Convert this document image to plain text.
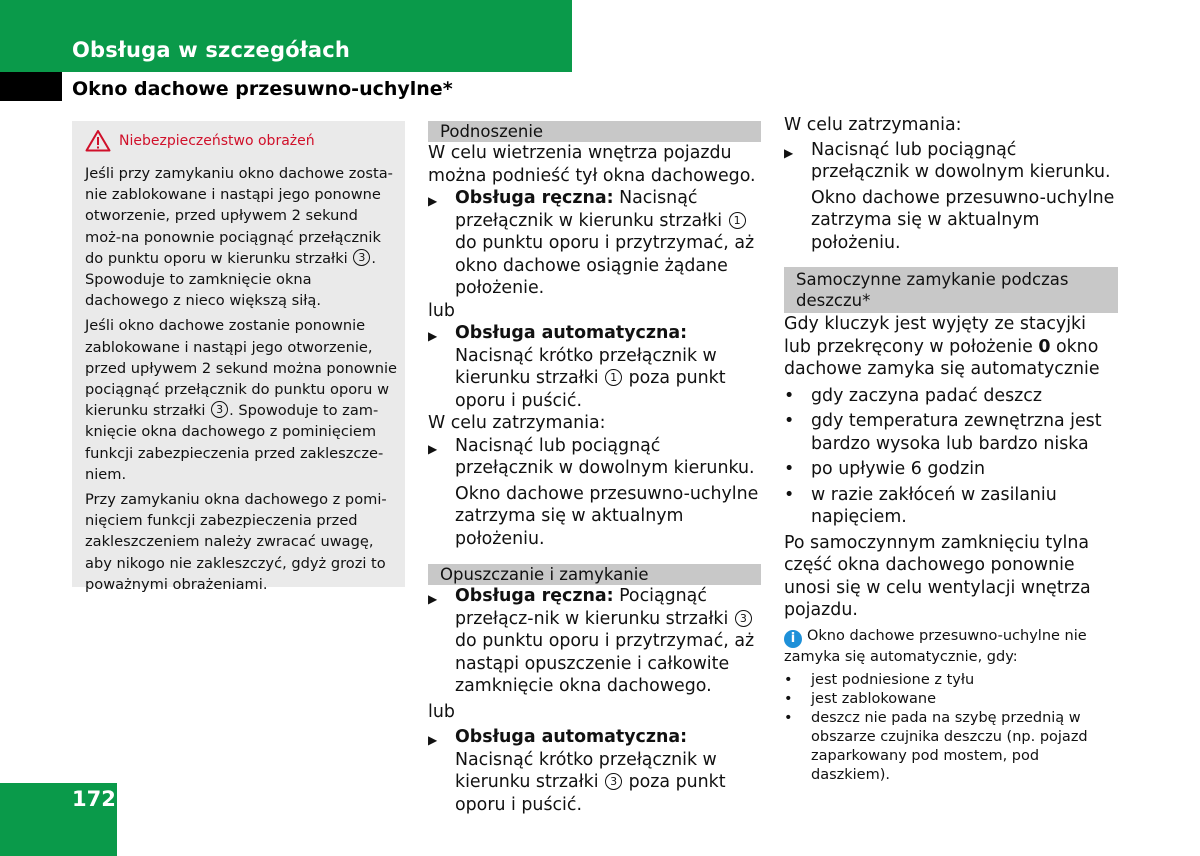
Obsługa w szczegółach
Okno dachowe przesuwno-uchylne*
Niebezpieczeństwo obrażeń

Jeśli przy zamykaniu okno dachowe zosta-nie zablokowane i nastąpi jego ponowne otworzenie, przed upływem 2 sekund moż-na ponownie pociągnąć przełącznik do punktu oporu w kierunku strzałki 3 . Spowoduje to zamknięcie okna dachowego z nieco większą siłą.

Jeśli okno dachowe zostanie ponownie zablokowane i nastąpi jego otworzenie, przed upływem 2 sekund można ponownie pociągnąć przełącznik do punktu oporu w kierunku strzałki 3 . Spowoduje to zam-knięcie okna dachowego z pominięciem funkcji zabezpieczenia przed zakleszcze-niem.

Przy zamykaniu okna dachowego z pomi-nięciem funkcji zabezpieczenia przed zakleszczeniem należy zwracać uwagę, aby nikogo nie zakleszczyć, gdyż grozi to poważnymi obrażeniami.

Podnoszenie

W celu wietrzenia wnętrza pojazdu można podnieść tył okna dachowego.

▶	Obsługa ręczna: Nacisnąć przełącznik w kierunku strzałki 1 do punktu oporu i przytrzymać, aż okno dachowe osiągnie żądane położenie.

lub

▶	Obsługa automatyczna: Nacisnąć krótko przełącznik w kierunku strzałki 1 poza punkt oporu i puścić.

W celu zatrzymania:

▶	Nacisnąć lub pociągnąć przełącznik w dowolnym kierunku.

Okno dachowe przesuwno-uchylne zatrzyma się w aktualnym położeniu.

Opuszczanie i zamykanie
▶	Obsługa ręczna: Pociągnąć przełącz-nik w kierunku strzałki 3 do punktu oporu i przytrzymać, aż nastąpi opuszczenie i całkowite zamknięcie okna dachowego.

lub

▶	Obsługa automatyczna: Nacisnąć krótko przełącznik w kierunku strzałki 3 poza punkt oporu i puścić.

W celu zatrzymania:

▶	Nacisnąć lub pociągnąć przełącznik w dowolnym kierunku.

Okno dachowe przesuwno-uchylne zatrzyma się w aktualnym położeniu.

Samoczynne zamykanie podczas deszczu*

Gdy kluczyk jest wyjęty ze stacyjki lub przekręcony w położenie 0 okno dachowe zamyka się automatycznie

• gdy zaczyna padać deszcz
• gdy temperatura zewnętrzna jest bardzo wysoka lub bardzo niska
• po upływie 6 godzin
• w razie zakłóceń w zasilaniu napięciem.

Po samoczynnym zamknięciu tylna część okna dachowego ponownie unosi się w celu wentylacji wnętrza pojazdu.

i Okno dachowe przesuwno-uchylne nie zamyka się automatycznie, gdy:

•	jest podniesione z tyłu
•	jest zablokowane
•	deszcz nie pada na szybę przednią w obszarze czujnika deszczu (np. pojazd zaparkowany pod mostem, pod daszkiem).
172
